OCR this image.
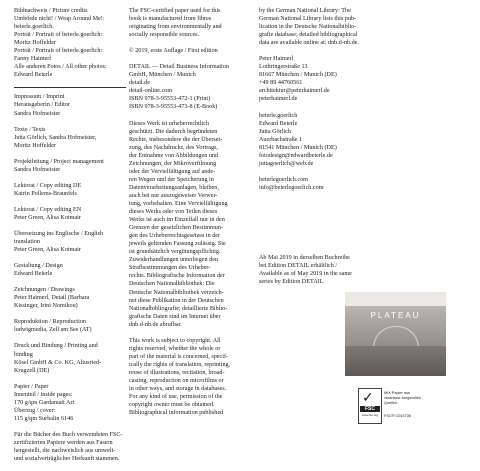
Bildnachweis / Picture credits
Umbörde nicht! / Wrap Around Me!:
beierle.goerlich.
Porträt / Portrait of beierle.goerlich:
Moritz Hoffelder
Porträt / Portrait of beierle.goerlich:
Fanny Haimerl
Alle anderen Fotos / All other photos:
Edward Beierle
Impressum / Imprint
Herausgeberin / Editor
Sandra Hofmeister
Texte / Texts
Jutta Görlich, Sandra Hofmeister,
Moritz Hoffelder
Projektleitung / Project management
Sandra Hofmeister
Lektorat / Copy editing DE
Katrin Pollems-Braunfels
Lektorat / Copy editing EN
Peter Green, Alisa Kotmair
Übersetzung ins Englische / English
translation
Peter Green, Alisa Kotmair
Gestaltung / Design
Edward Beierle
Zeichnungen / Drawings
Peter Haimerl, Detail (Barbara
Kissinger, Irini Nomikou)
Reproduktion / Reproduction
ludwigmedia, Zell am See (AT)
Druck und Bindung / Printing and
binding
Kösel GmbH & Co. KG, Altusried-
Krugzell (DE)
Papier / Paper
Innenteil / inside pages:
170 g/qm Gardamatt Art
Überzug / cover:
115 g/qm Surbalin 6146
Für die Bücher des Buch verwendeten FSC-
zertifizierten Papiere werden aus Fasern
hergestellt, die nachweislich aus umwelt-
und sozialverträglicher Herkunft stammen.
The FSC-certified paper used for this
book is manufactured from fibres
originating from environmentally and
socially responsible sources.
© 2019, erste Auflage / First edition
DETAIL — Detail Business Information
GmbH, München / Munich
detail.de
detail-online.com
ISBN 978-3-95553-472-1 (Print)
ISBN 978-3-95553-473-8 (E-Book)
Dieses Werk ist urheberrechtlich
geschützt. Die dadurch begründeten
Rechte, insbesondere die der Überset-
zung, des Nachdrucks, des Vortrags,
der Entnahme von Abbildungen und
Zeichnungen, der Mikroverfilmung
oder der Vervielfältigung auf ande-
ren Wegen und der Speicherung in
Datenverarbeitungsanlagen, bleiben,
auch bei nur auszugsweiser Verwer-
tung, vorbehalten. Eine Vervielfältigung
dieses Werks oder von Teilen dieses
Werks ist auch im Einzelfall nur in den
Grenzen der gesetzlichen Bestimmun-
gen des Urheberrechtsgesetzes in der
jeweils geltenden Fassung zulässig. Sie
ist grundsätzlich vergütungspflichtig.
Zuwiderhandlungen unterliegen den
Strafbestimmungen des Urheber-
rechts. Bibliografische Information der
Deutschen Nationalbibliothek: Die
Deutsche Nationalbibliothek verzeich-
net diese Publikation in der Deutschen
Nationalbibliografie; detaillierte Biblio-
grafische Daten sind im Internet über
dnb.d-nb.de abrufbar.
This work is subject to copyright. All
rights reserved, whether the whole or
part of the material is concerned, specif-
ically the rights of translation, reprinting,
reuse of illustrations, recitation, broad-
casting, reproduction on microfilms or
in other ways, and storage in databases.
For any kind of use, permission of the
copyright owner must be obtained.
Bibliographical information published
by the German National Library: The
German National Library lists this pub-
lication in the Deutsche Nationalbiblio-
grafie database; detailed bibliographical
data are available online at: dnb.d-nb.de.
Peter Haimerl
Lothringerstraße 13
81667 München / Munich (DE)
+49 89 44760561
architektur@peterhaimerl.de
peterhaimerl.de
beierle.goerlich
Edward Beierle
Jutta Görlich
Auerbachstraße 1
81541 München / Munich (DE)
fotodesign@edwardbeierle.de
juttagoerlich@web.de
beierlegoerlich.com
info@beierlegoerlich.com
Ab Mai 2019 in derselben Buchreihe
bei Edition DETAIL erhältlich /
Available as of May 2019 in the same
series by Edition DETAIL
PLATEAU
✓
FSC
www.fsc.org
MIX Papier aus verantwor-tungsvollen Quellen
FSC® C013736
